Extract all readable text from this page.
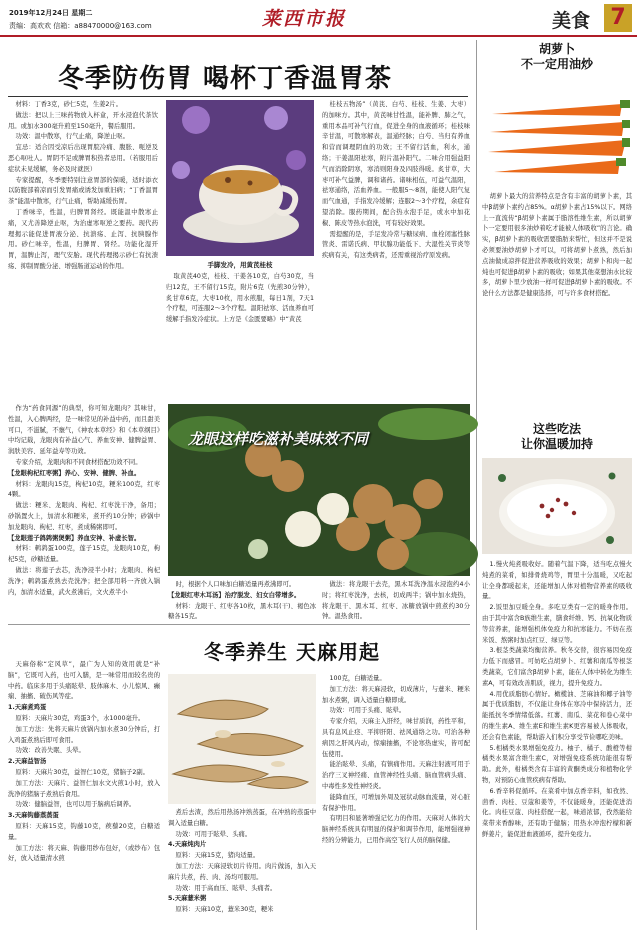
2019年12月24日 星期二
责编：高欢欢 信箱：a88470000@163.com	莱西市报	美食 7
冬季防伤胃 喝杯丁香温胃茶

材料：丁香3克，砂仁5克，生姜2片。

做法：把以上三味药物放入杯盒，开水浸泡代茶饮用。或加水300毫升煎至150毫升，餐后服用。

功效：温中散寒，行气止痛，降逆止呕。

宜忌：适合因受凉后出现胃脘冷痛、腹胀、呃逆及恶心呕吐人。胃阴不足或脾胃积热者忌用。（若服用后症状未见缓解，务必及时就医）

专家提醒，冬季要特别注意胃部的保暖，适时添衣以防腹部着凉而引发胃痛或诱发加重旧病；“丁香温胃茶”能温中散寒，行气止痛，帮助减缓伤胃。

丁香味辛，性温，归脾胃肾经。既能温中散寒止痛，又尤善降逆止呕，为治虚寒呕逆之要药。现代药理揭示能促进胃液分泌、抗溃疡、止泻、抗胰腺作用。砂仁味辛，性温，归脾胃、肾经。功能化湿开胃，温脾止泻，理气安胎。现代药理揭示砂仁有抗溃疡、抑制胃酸分泌、增强肠道运动的作用。	手脚发冷，用黄芪桂枝

取黄芪40克，桂枝、干姜各10克，白芍30克，当归12克，王不留行15克，附片6克（先煎30分钟），炙甘草6克，大枣10枚，用水煎服，每日1剂，7天1个疗程，可连服2～3个疗程。温阳祛寒、活血养血可缓解手指发冷症状。上方是《金匮要略》中“黄芪

桂枝五物汤”（黄芪、白芍、桂枝、生姜、大枣）的加味方。其中，黄芪味甘性温，能补脾、肺之气，重用本品可补气行血，促进全身的血液循环；桂枝味辛甘温，可散寒解表，温通经脉；白芍、当归有养血和营而调理阴血的功效；王不留行活血，利水，通络；干姜温阳祛寒，附片温补阳气。二味合用强益阳气而消除阴寒，寒消则阳身及四肢得暖。炙甘草，大枣可补气益脾，调和诸药。诸味相伍，可益气温阳，祛寒通络，活血养血。一般服5～8剂，能使人阳气复而气血通，手指发冷缓解；连服2～3个疗程，余症有望消除。服药期间，配合热水泡手足，或水中加花椒、陈皮等热水泡洗，可有较好效果。

需提醒的是，手足发冷常与糖尿病、血栓闭塞性脉管炎、雷诺氏病、甲状腺功能低下、大湿性关节炎等疾病有关，有这类病者，还需重视治疗原发病。

胡萝卜
不一定用油炒

胡萝卜最大的营养特点是含有丰富的胡萝卜素，其中β胡萝卜素约占85%。α胡萝卜素占15%以下。网络上一直流传“β胡萝卜素属于脂溶性维生素，所以胡萝卜一定要用很多油炒着吃才能被人体吸收”的言论。确实，β胡萝卜素的吸收需要脂肪来帮忙，但这并不是说必须要油炒胡萝卜才可以，可将胡萝卜煮熟，然后加点油做成凉拌促进营养吸收的效果；胡萝卜和肉一起炖也可促进β胡萝卜素的吸收；如果其他菜想油水比较多，胡萝卜里少放油一样可促进β胡萝卜素的吸收。不论什么方法都是健康选择，可与许多食材搭配。

龙眼这样吃滋补美味效不同

作为“药食同源”的典型，你可知龙眼肉？其味甘，性温，入心脾两经，是一味常见的补益中药，而且甜美可口，不滋腻，不壅气，《神农本草经》和《本草纲目》中均记载，龙眼肉有补益心气、养血安神、健脾益胃、润肤美容、延年益寿等功效。

专家介绍，龙眼肉和不同食材搭配功效不同。

【龙眼枸杞红枣粥】养心、安神、健脾、补血。

材料：龙眼肉15克，枸杞10克，粳米100克，红枣4颗。

做法：粳米、龙眼肉、枸杞、红枣洗干净，备用；砂锅置火上，加清水和粳米，煮开约10分钟；砂锅中加龙眼肉、枸杞、红枣，煮成稀粥即可。

【龙眼莲子鸽鹑粥煲粥】养血安神、补虚长智。

材料：鹌鹑蛋100克，莲子15克，龙眼肉10克，枸杞5克，砂糖适量。

做法：将莲子去芯，洗净浸半小时；龙眼肉、枸杞洗净；鹌鹑蛋煮熟去壳洗净；把全部用料一齐放入锅内，加清水适量，武火煮沸后，文火煮半小

时，根据个人口味加白糖适量再煮沸即可。

【龙眼红枣木耳汤】治疗脱发、妇女白带增多。

材料：龙眼干、红枣各10枚，黑木耳(干)、褐色冰糖各15克。

做法：将龙眼干去壳，黑木耳洗净温水浸泡约4小时；将红枣洗净，去核，切成两半；锅中加水烧热，将龙眼干、黑木耳、红枣、冰糖放锅中煎煮约30分钟。温热食用。

这些吃法
让你温暖加持

1.慢火炖煮吸收好。随着气温下降，适当吃点慢火炖煮的菜肴，如排骨烧鸡等，胃里十分温暖，又吃起让全身都暖起来，还能增加人体对植物营养素的吸收量。

2.饭里加豆暖全身。多吃豆类有一定的暖身作用。由于其中富含B族维生素，膳食纤维、钙、抗氧化物质等营养素，能增强机体免疫力和抗寒能力。不妨在蒸米饭、熬粥时加点红豆、绿豆等。

3.根茎类蔬菜均衡营养。秋冬交替，很容易因免疫力低下而感冒。可妨吃点胡萝卜、红薯和南瓜等根茎类蔬菜，它们富含β胡萝卜素，能在人体中转化为维生素A，可有效改善肌质，视力，提升免疫力。

4.用优质脂肪心情好。橄榄油、芝麻油和椰子油等属于优质脂肪，不仅能让身体在寒冷中保持活力，还能抵抗冬季情绪低落。红薯、南瓜、菜花和卷心菜中的维生素A、维生素E和维生素K更容易被人体吸收，还会有色素能，帮助游入们积分享受节俭哪吃美味。

5.相橘类水果增强免疫力。柚子、橘子、酸橙等柑橘类水果富含维生素C，对增强免疫系统功能很有帮助。此外，柑橘类含有丰富的黄酮类成分和植物化学物，对预防心血管疾病有帮助。

6.香辛料促循环。在菜肴中加点香辛料，如孜然、茴香、肉桂、豆蔻和姜等，不仅能暖身，还能促进消化。肉桂豆蔻、肉桂搭配一起，味道浓郁，孜然能给菜带来香醇味，还有助于健脑；用热水冲泡柠檬和新鲜姜片，能促进血液循环，提升免疫力。

冬季养生 天麻用起

天麻俗称“定风草”，最广为人知的效用就是“补脑”，它既可入药，也可入膳，是一味常用而较名贵的中药。临床多用于头痛眩晕、肢体麻木、小儿惊风、癫痫、抽搐、破伤风等症。

1.天麻煮鸡蛋

原料：天麻片30克，鸡蛋3个，水1000毫升。

加工方法：先将天麻片放锅内加水煮30分钟后，打入鸡蛋煮熟后即可食用。

功效：改善失眠、头晕。

2.天麻益智汤

原料：天麻片30克，益智仁10克，猪脑子2副。

加工方法：天麻片、益智仁加水文火煎1小时，放入洗净的猪脑子煮熟后食用。

功效：健脑益智，也可以用于脑病后调养。

3.天麻钩藤蒸蒸蛋

原料：天麻15克，钩藤10克，蒺藜20克，白糖适量。

加工方法：将天麻、钩藤用纱布包好，（或纱布）包好，放入适量清水煎

煮后去渣，然后用热汤冲熟蒸蛋，在冲熟的蒸蛋中调入适量白糖。

功效：可用于眩晕、头痛。

4.天麻炖肉片

原料：天麻15克，猪肉适量。

加工方法：天麻浸软切片待用。肉片做汤，加入天麻片共煮，药、肉、汤均可服用。

功效：用于高血压、眩晕、头痛者。

5.天麻薏米粥

原料：天麻10克，薏米30克，粳米

100克，白糖适量。

加工方法：将天麻浸软，切成薄片，与薏米、粳米加水煮粥，调入适量白糖即成。

功效：可用于头痛、眩晕。

专家介绍，天麻主入肝经，味甘质润，药性平和，具有息风止痉、平抑肝阳、祛风通络之功。可治各种病因之肝风内动，惊痫抽搐，不论寒热虚实，皆可配伍使用。

能治眩晕、头痛，有镇痛作用。天麻注射液可用于治疗三叉神经痛、血管神经性头痛、脑血管病头痛、中毒性多发性神经炎。

能降血压，可增加外周及冠状动脉血流量，对心脏有保护作用。

有明目和显著增强记忆力的作用。天麻对人体的大脑神经系统具有明显的保护和调节作用，能增强视神经的分辨能力，已用作高空飞行人员的脑保健。
